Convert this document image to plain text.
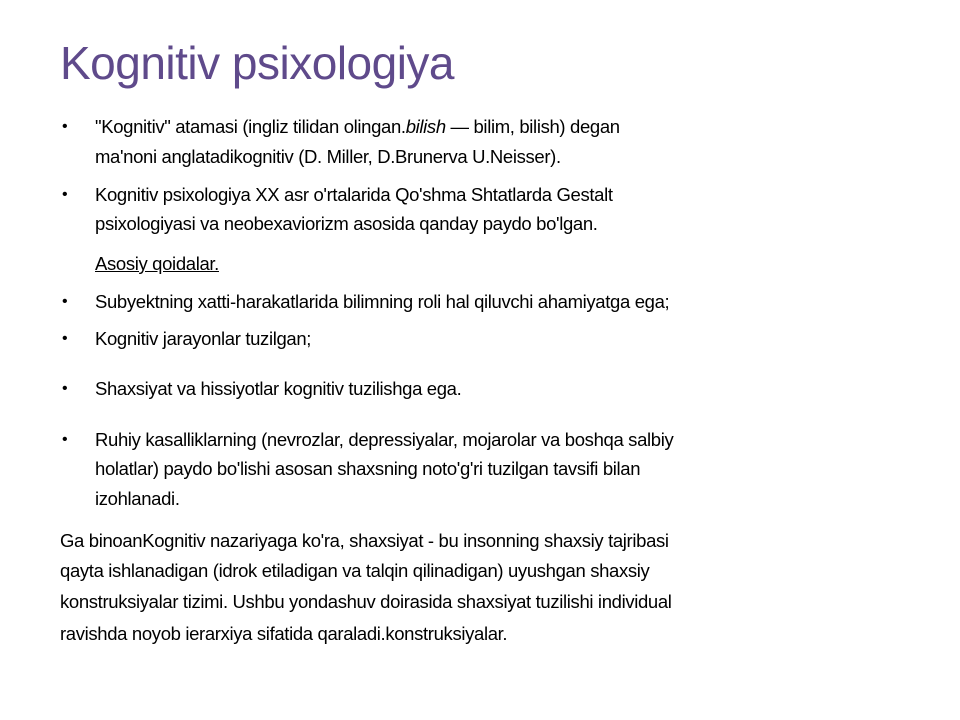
Kognitiv psixologiya
• "Kognitiv" atamasi (ingliz tilidan olingan.bilish — bilim, bilish) degan
ma'noni anglatadikognitiv (D. Miller, D.Brunerva U.Neisser).
• Kognitiv psixologiya XX asr o'rtalarida Qo'shma Shtatlarda Gestalt
psixologiyasi va neobexaviorizm asosida qanday paydo bo'lgan.
Asosiy qoidalar.
• Subyektning xatti-harakatlarida bilimning roli hal qiluvchi ahamiyatga ega;
• Kognitiv jarayonlar tuzilgan;
• Shaxsiyat va hissiyotlar kognitiv tuzilishga ega.
• Ruhiy kasalliklarning (nevrozlar, depressiyalar, mojarolar va boshqa salbiy
holatlar) paydo bo'lishi asosan shaxsning noto'g'ri tuzilgan tavsifi bilan
izohlanadi.
Ga binoanKognitiv nazariyaga ko'ra, shaxsiyat - bu insonning shaxsiy tajribasi
qayta ishlanadigan (idrok etiladigan va talqin qilinadigan) uyushgan shaxsiy
konstruksiyalar tizimi. Ushbu yondashuv doirasida shaxsiyat tuzilishi individual
ravishda noyob ierarxiya sifatida qaraladi.konstruksiyalar.
